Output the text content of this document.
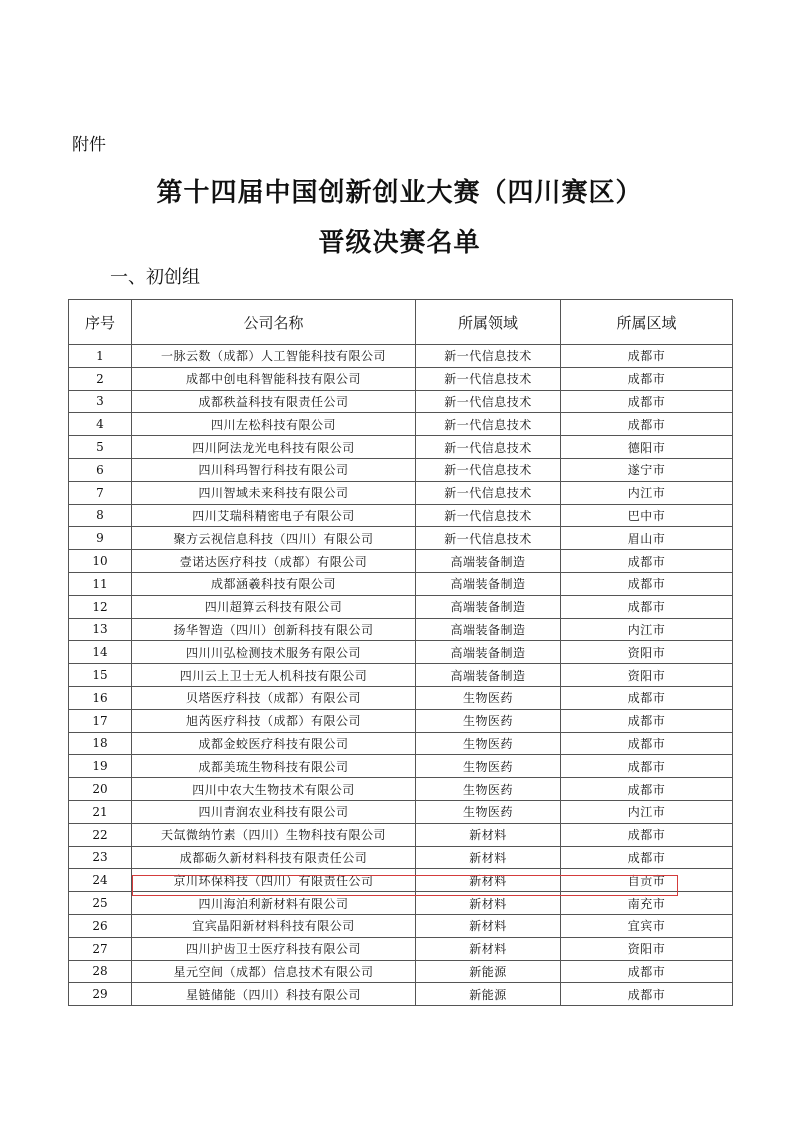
附件
第十四届中国创新创业大赛（四川赛区）
晋级决赛名单
一、初创组
序号	公司名称	所属领域	所属区域
1	一脉云数（成都）人工智能科技有限公司	新一代信息技术	成都市
2	成都中创电科智能科技有限公司	新一代信息技术	成都市
3	成都秩益科技有限责任公司	新一代信息技术	成都市
4	四川左松科技有限公司	新一代信息技术	成都市
5	四川阿法龙光电科技有限公司	新一代信息技术	德阳市
6	四川科玛智行科技有限公司	新一代信息技术	遂宁市
7	四川智域未来科技有限公司	新一代信息技术	内江市
8	四川艾瑞科精密电子有限公司	新一代信息技术	巴中市
9	聚方云视信息科技（四川）有限公司	新一代信息技术	眉山市
10	壹诺达医疗科技（成都）有限公司	高端装备制造	成都市
11	成都涵羲科技有限公司	高端装备制造	成都市
12	四川超算云科技有限公司	高端装备制造	成都市
13	扬华智造（四川）创新科技有限公司	高端装备制造	内江市
14	四川川弘检测技术服务有限公司	高端装备制造	资阳市
15	四川云上卫士无人机科技有限公司	高端装备制造	资阳市
16	贝塔医疗科技（成都）有限公司	生物医药	成都市
17	旭芮医疗科技（成都）有限公司	生物医药	成都市
18	成都金蛟医疗科技有限公司	生物医药	成都市
19	成都美琉生物科技有限公司	生物医药	成都市
20	四川中农大生物技术有限公司	生物医药	成都市
21	四川青润农业科技有限公司	生物医药	内江市
22	天氙微纳竹素（四川）生物科技有限公司	新材料	成都市
23	成都砺久新材料科技有限责任公司	新材料	成都市
24	京川环保科技（四川）有限责任公司	新材料	自贡市
25	四川海泊利新材料有限公司	新材料	南充市
26	宜宾晶阳新材料科技有限公司	新材料	宜宾市
27	四川护齿卫士医疗科技有限公司	新材料	资阳市
28	星元空间（成都）信息技术有限公司	新能源	成都市
29	星链储能（四川）科技有限公司	新能源	成都市
